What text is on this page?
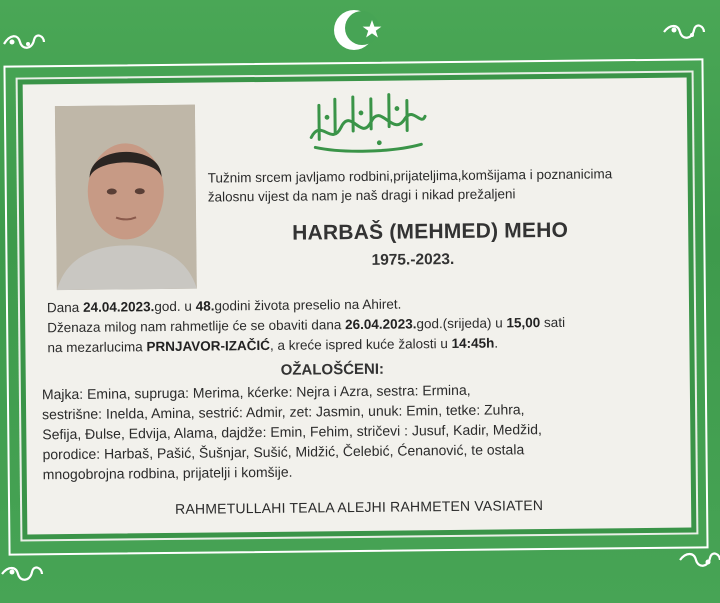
Tužnim srcem javljamo rodbini,prijateljima,komšijama i poznanicima
žalosnu vijest da nam je naš dragi i nikad prežaljeni
HARBAŠ (MEHMED) MEHO
1975.-2023.
Dana 24.04.2023.god. u 48.godini života preselio na Ahiret.
Dženaza milog nam rahmetlije će se obaviti dana 26.04.2023.god.(srijeda) u 15,00 sati
na mezarlucima PRNJAVOR-IZAČIĆ, a kreće ispred kuće žalosti u 14:45h.
OŽALOŠĆENI:
Majka: Emina, supruga: Merima, kćerke: Nejra i Azra, sestra: Ermina,
sestrišne: Inelda, Amina, sestrić: Admir, zet: Jasmin, unuk: Emin, tetke: Zuhra,
Sefija, Đulse, Edvija, Alama, dajdže: Emin, Fehim, stričevi : Jusuf, Kadir, Medžid,
porodice: Harbaš, Pašić, Šušnjar, Sušić, Midžić, Čelebić, Ćenanović, te ostala
mnogobrojna rodbina, prijatelji i komšije.
RAHMETULLAHI TEALA ALEJHI RAHMETEN VASIATEN
